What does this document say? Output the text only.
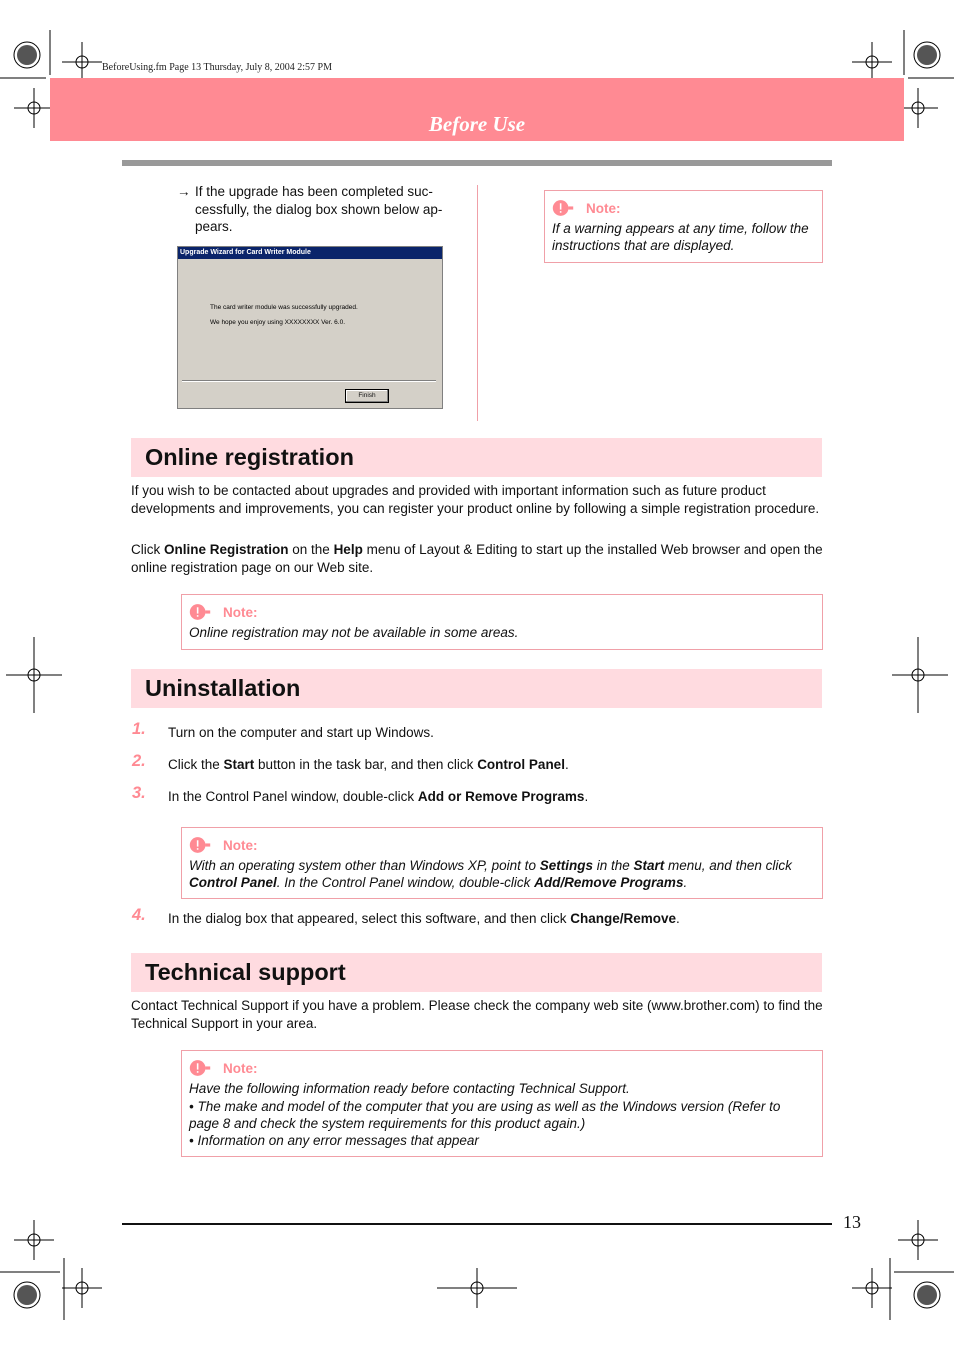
BeforeUsing.fm Page 13 Thursday, July 8, 2004 2:57 PM
Before Use
→ If the upgrade has been completed suc-cessfully, the dialog box shown below ap-pears.
Upgrade Wizard for Card Writer Module
The card writer module was successfully upgraded.
We hope you enjoy using XXXXXXXX Ver. 6.0.
Finish
Note:
If a warning appears at any time, follow the instructions that are displayed.
Online registration
If you wish to be contacted about upgrades and provided with important information such as future product developments and improvements, you can register your product online by following a simple registration procedure.
Click Online Registration on the Help menu of Layout & Editing to start up the installed Web browser and open the online registration page on our Web site.
Note:
Online registration may not be available in some areas.
Uninstallation
1. Turn on the computer and start up Windows.
2. Click the Start button in the task bar, and then click Control Panel.
3. In the Control Panel window, double-click Add or Remove Programs.
Note:
With an operating system other than Windows XP, point to Settings in the Start menu, and then click Control Panel. In the Control Panel window, double-click Add/Remove Programs.
4. In the dialog box that appeared, select this software, and then click Change/Remove.
Technical support
Contact Technical Support if you have a problem. Please check the company web site (www.brother.com) to find the Technical Support in your area.
Note:
Have the following information ready before contacting Technical Support.
• The make and model of the computer that you are using as well as the Windows version (Refer to page 8 and check the system requirements for this product again.)
• Information on any error messages that appear
13
